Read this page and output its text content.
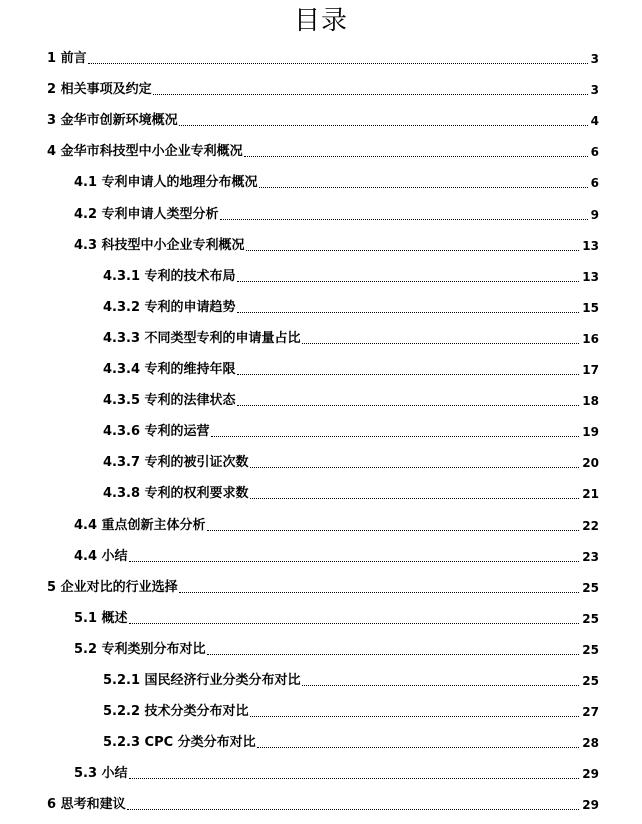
目录
1 前言	3
2 相关事项及约定	3
3 金华市创新环境概况	4
4 金华市科技型中小企业专利概况	6
4.1 专利申请人的地理分布概况	6
4.2 专利申请人类型分析	9
4.3 科技型中小企业专利概况	13
4.3.1 专利的技术布局	13
4.3.2 专利的申请趋势	15
4.3.3 不同类型专利的申请量占比	16
4.3.4 专利的维持年限	17
4.3.5 专利的法律状态	18
4.3.6 专利的运营	19
4.3.7 专利的被引证次数	20
4.3.8 专利的权利要求数	21
4.4 重点创新主体分析	22
4.4 小结	23
5 企业对比的行业选择	25
5.1 概述	25
5.2 专利类别分布对比	25
5.2.1 国民经济行业分类分布对比	25
5.2.2 技术分类分布对比	27
5.2.3 CPC 分类分布对比	28
5.3 小结	29
6 思考和建议	29
